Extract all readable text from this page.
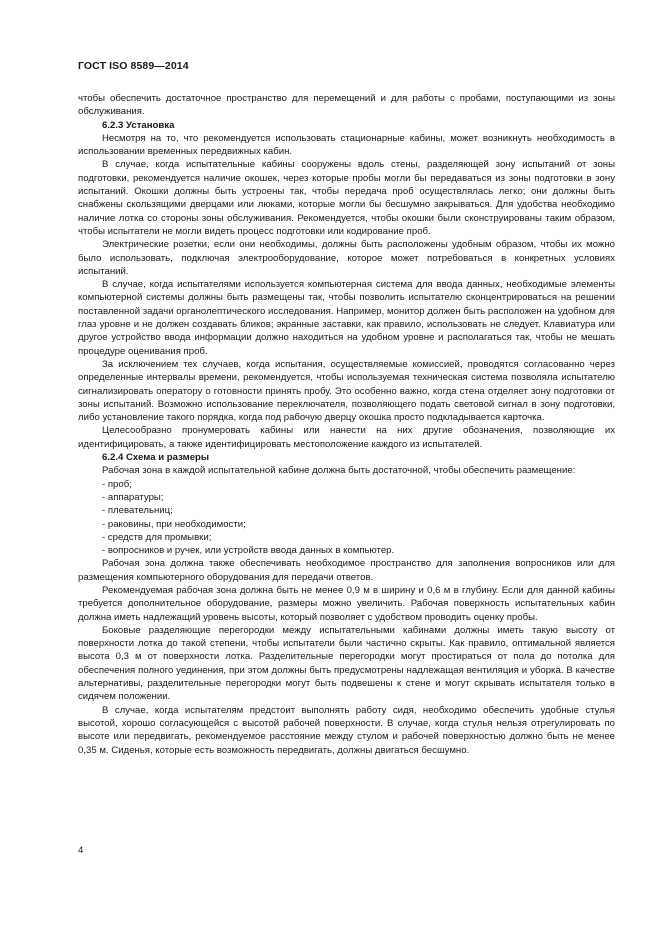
ГОСТ ISO 8589—2014

чтобы обеспечить достаточное пространство для перемещений и для работы с пробами, поступающими из зоны обслуживания.

6.2.3 Установка

Несмотря на то, что рекомендуется использовать стационарные кабины, может возникнуть необходимость в использовании временных передвижных кабин.

В случае, когда испытательные кабины сооружены вдоль стены, разделяющей зону испытаний от зоны подготовки, рекомендуется наличие окошек, через которые пробы могли бы передаваться из зоны подготовки в зону испытаний. Окошки должны быть устроены так, чтобы передача проб осуществлялась легко; они должны быть снабжены скользящими дверцами или люками, которые могли бы бесшумно закрываться. Для удобства необходимо наличие лотка со стороны зоны обслуживания. Рекомендуется, чтобы окошки были сконструированы таким образом, чтобы испытатели не могли видеть процесс подготовки или кодирование проб.

Электрические розетки, если они необходимы, должны быть расположены удобным образом, чтобы их можно было использовать, подключая электрооборудование, которое может потребоваться в конкретных условиях испытаний.

В случае, когда испытателями используется компьютерная система для ввода данных, необходимые элементы компьютерной системы должны быть размещены так, чтобы позволить испытателю сконцентрироваться на решении поставленной задачи органолептического исследования. Например, монитор должен быть расположен на удобном для глаз уровне и не должен создавать бликов; экранные заставки, как правило, использовать не следует. Клавиатура или другое устройство ввода информации должно находиться на удобном уровне и располагаться так, чтобы не мешать процедуре оценивания проб.

За исключением тех случаев, когда испытания, осуществляемые комиссией, проводятся согласованно через определенные интервалы времени, рекомендуется, чтобы используемая техническая система позволяла испытателю сигнализировать оператору о готовности принять пробу. Это особенно важно, когда стена отделяет зону подготовки от зоны испытаний. Возможно использование переключателя, позволяющего подать световой сигнал в зону подготовки, либо установление такого порядка, когда под рабочую дверцу окошка просто подкладывается карточка.

Целесообразно пронумеровать кабины или нанести на них другие обозначения, позволяющие их идентифицировать, а также идентифицировать местоположение каждого из испытателей.

6.2.4 Схема и размеры

Рабочая зона в каждой испытательной кабине должна быть достаточной, чтобы обеспечить размещение:

- проб;
- аппаратуры;
- плевательниц;
- раковины, при необходимости;
- средств для промывки;
- вопросников и ручек, или устройств ввода данных в компьютер.

Рабочая зона должна также обеспечивать необходимое пространство для заполнения вопросников или для размещения компьютерного оборудования для передачи ответов.

Рекомендуемая рабочая зона должна быть не менее 0,9 м в ширину и 0,6 м в глубину. Если для данной кабины требуется дополнительное оборудование, размеры можно увеличить. Рабочая поверхность испытательных кабин должна иметь надлежащий уровень высоты, который позволяет с удобством проводить оценку пробы.

Боковые разделяющие перегородки между испытательными кабинами должны иметь такую высоту от поверхности лотка до такой степени, чтобы испытатели были частично скрыты. Как правило, оптимальной является высота 0,3 м от поверхности лотка. Разделительные перегородки могут простираться от пола до потолка для обеспечения полного уединения, при этом должны быть предусмотрены надлежащая вентиляция и уборка. В качестве альтернативы, разделительные перегородки могут быть подвешены к стене и могут скрывать испытателя только в сидячем положении.

В случае, когда испытателям предстоит выполнять работу сидя, необходимо обеспечить удобные стулья высотой, хорошо согласующейся с высотой рабочей поверхности. В случае, когда стулья нельзя отрегулировать по высоте или передвигать, рекомендуемое расстояние между стулом и рабочей поверхностью должно быть не менее 0,35 м. Сиденья, которые есть возможность передвигать, должны двигаться бесшумно.

4
